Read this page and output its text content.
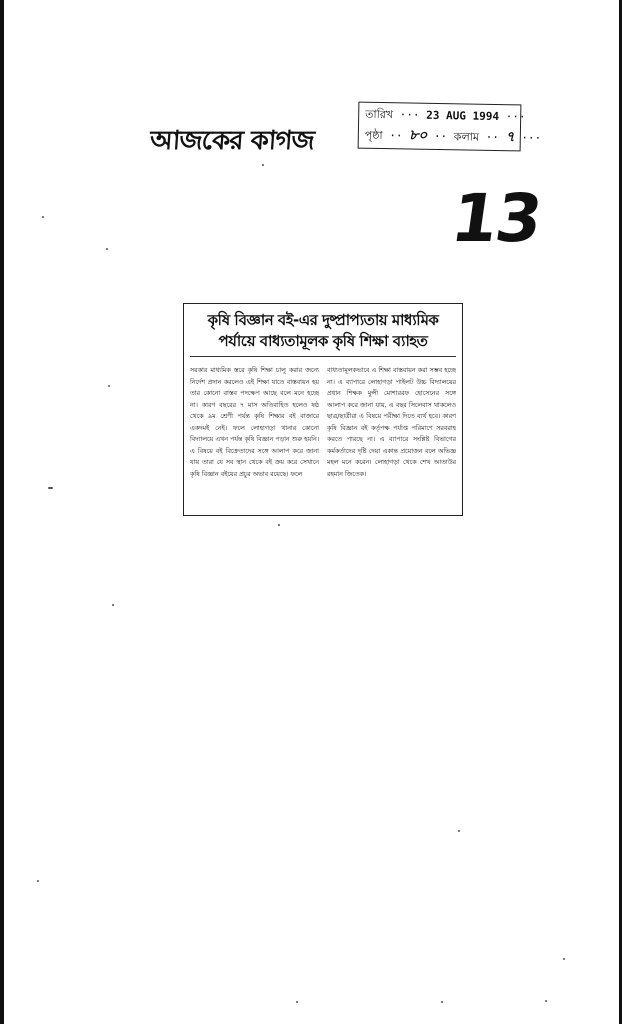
আজকের কাগজ
তারিখ ··· 23 AUG 1994 ···
পৃষ্ঠা ·· ৮০ ·· কলাম ·· ৭ ···
13
কৃষি বিজ্ঞান বই-এর দুষ্প্রাপ্যতায় মাধ্যমিক পর্যায়ে বাধ্যতামূলক কৃষি শিক্ষা ব্যাহত
সরকার মাধ্যমিক স্তরে কৃষি শিক্ষা চালু করার জন্যে নির্দেশ প্রদান করলেও এই শিক্ষা যাতে বাস্তবায়ন হয় তার কোনো বাস্তব পদক্ষেপ আছে বলে মনে হচ্ছে না। কারণ বছরের ৭ মাস অতিবাহিত হলেও ষষ্ঠ থেকে ৯ম শ্রেণী পর্যন্ত কৃষি শিক্ষার বই বাজারে একদমই নেই। ফলে লোহাগড়া থানার কোনো বিদ্যালয়ে এখন পর্যন্ত কৃষি বিজ্ঞান পড়ান শুরু হয়নি। এ বিষয়ে বই বিক্রেতাদের সঙ্গে আলাপ করে জানা যায় তারা যে সব স্থান থেকে বই ক্রয় করে সেখানে কৃষি বিজ্ঞান বইয়ের প্রচুর অভাব রয়েছে। ফলে
বাধ্যতামূলকভাবে এ শিক্ষা বাস্তবায়ন করা সম্ভব হচ্ছে না। এ ব্যাপারে লোহাগড়া পাইলট উচ্চ বিদ্যালয়ের প্রধান শিক্ষক মুন্সী মোশাররফ হোসেনের সঙ্গে আলাপ করে জানা যায়, এ বছর সিলেবাস থাকলেও ছাত্র/ছাত্রীরা এ বিষয়ে পরীক্ষা দিতে ব্যর্থ হবে। কারণ কৃষি বিজ্ঞান বই কর্তৃপক্ষ পর্যাপ্ত পরিমাণে সরবরাহ করতে পারছে না। এ ব্যাপারে সংশ্লিষ্ট বিভাগের কর্মকর্তাদের দৃষ্টি দেয়া একান্ত প্রয়োজন বলে অভিজ্ঞ মহল মনে করেন। লোহাগড়া থেকে শেখ আতাউর রহমান জিতেক।
